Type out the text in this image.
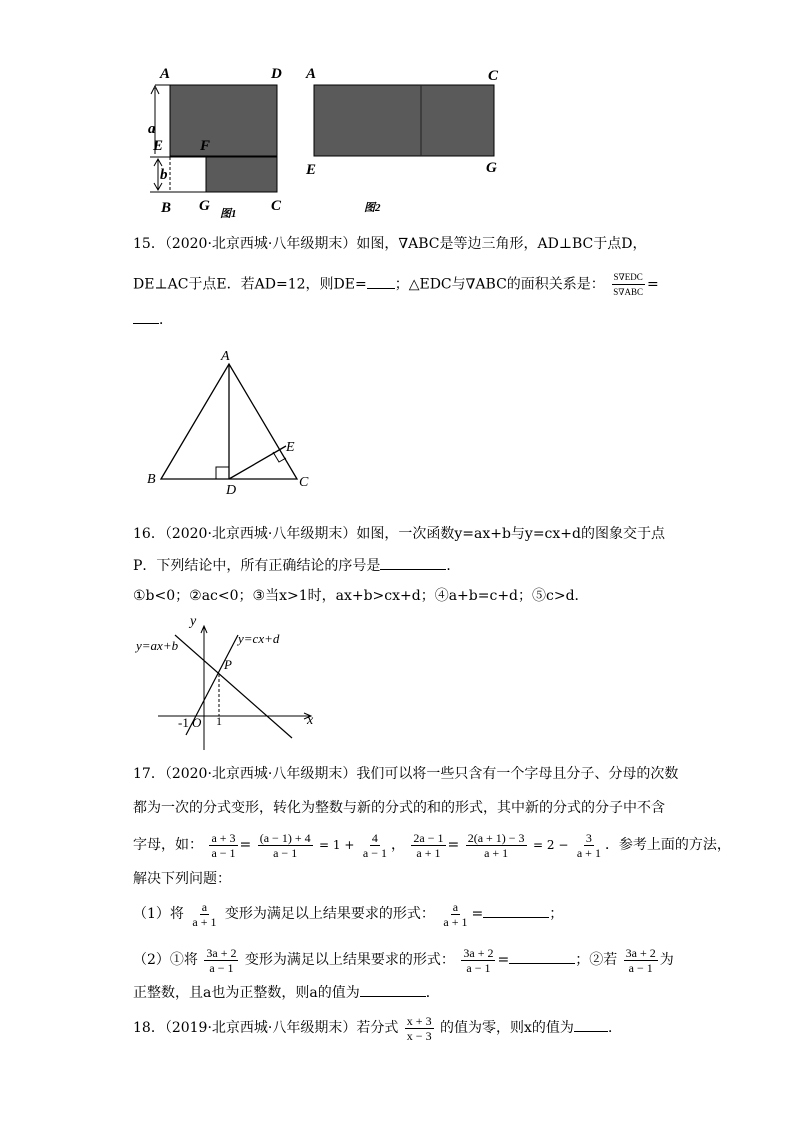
A	D
a
E F
b
B G	C
图1
A	C
E	G
图2
15．（2020·北京西城·八年级期末）如图，∇ABC是等边三角形，AD⊥BC于点D，
DE⊥AC于点E．若AD=12，则DE= ；△EDC与∇ABC的面积关系是： $\frac{\text{S∇EDC}}{\text{S∇ABC}}$ =
．
A
B	C
D
E
16．（2020·北京西城·八年级期末）如图，一次函数y=ax+b与y=cx+d的图象交于点
P．下列结论中，所有正确结论的序号是	．
①b<0；②ac<0；③当x>1时，ax+b>cx+d；④a+b=c+d；⑤c>d．
y
x
y=ax+b	y=cx+d
P
-1 O 1
17．（2020·北京西城·八年级期末）我们可以将一些只含有一个字母且分子、分母的次数
都为一次的分式变形，转化为整数与新的分式的和的形式，其中新的分式的分子中不含
字母，如： $\frac{a + 3}{a - 1} = \frac{(a - 1) + 4}{a - 1} = 1 + \frac{4}{a - 1}$ ， $\frac{2a - 1}{a + 1} = \frac{2(a + 1) - 3}{a + 1} = 2 - \frac{3}{a + 1}$ ．参考上面的方法，
解决下列问题：
（1）将 $\frac{a}{a + 1}$ 变形为满足以上结果要求的形式： $\frac{a}{a + 1}$ =	；
（2）①将 $\frac{3a + 2}{a - 1}$ 变形为满足以上结果要求的形式： $\frac{3a + 2}{a - 1}$ =	；②若 $\frac{3a + 2}{a - 1}$ 为
正整数，且a也为正整数，则a的值为	．
18．（2019·北京西城·八年级期末）若分式 $\frac{x + 3}{x - 3}$ 的值为零，则x的值为 ．
